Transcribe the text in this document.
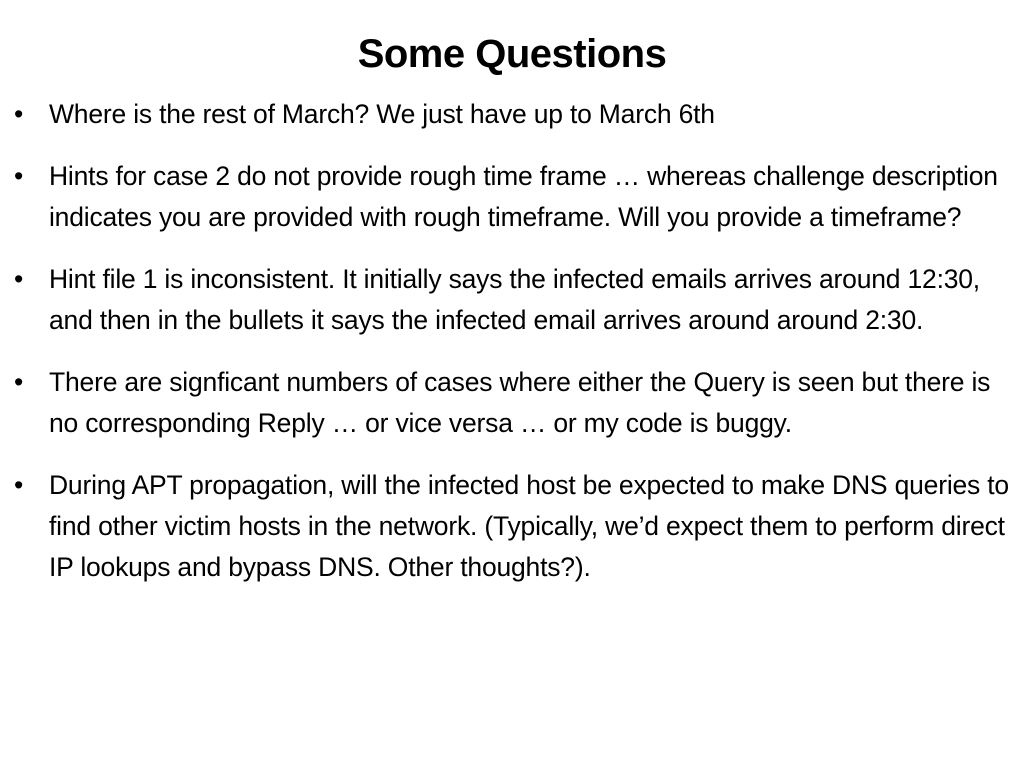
Some Questions
• Where is the rest of March? We just have up to March 6th
• Hints for case 2 do not provide rough time frame … whereas challenge description indicates you are provided with rough timeframe. Will you provide a timeframe?
• Hint file 1 is inconsistent. It initially says the infected emails arrives around 12:30, and then in the bullets it says the infected email arrives around around 2:30.
• There are signficant numbers of cases where either the Query is seen but there is no corresponding Reply … or vice versa … or my code is buggy.
• During APT propagation, will the infected host be expected to make DNS queries to find other victim hosts in the network. (Typically, we’d expect them to perform direct IP lookups and bypass DNS. Other thoughts?).
